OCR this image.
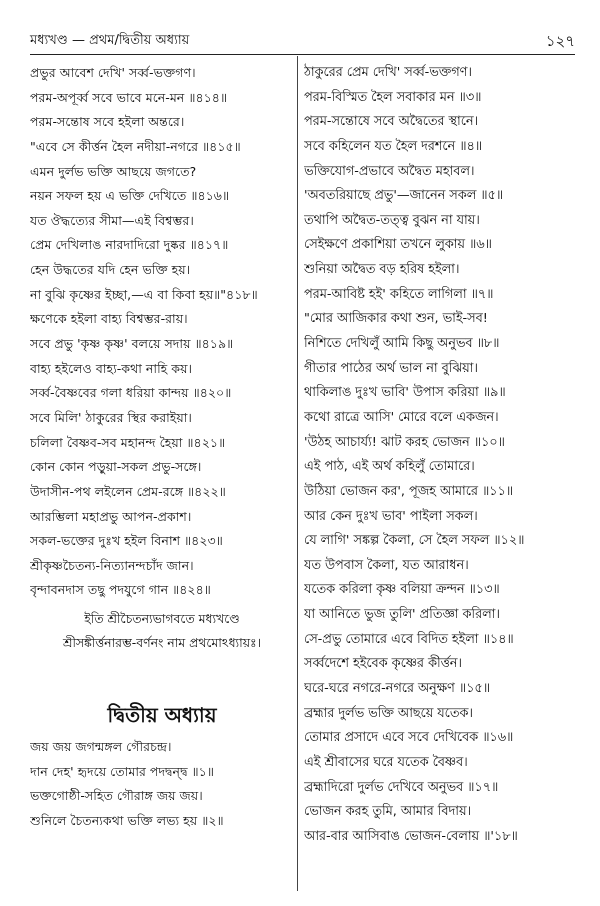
মধ্যখণ্ড — প্রথম/দ্বিতীয় অধ্যায়	১২৭
প্রভুর আবেশ দেখি' সর্ব্ব-ভক্তগণ।
পরম-অপূর্ব্ব সবে ভাবে মনে-মন ॥৪১৪॥
পরম-সন্তোষ সবে হইলা অন্তরে।
"এবে সে কীর্ত্তন হৈল নদীয়া-নগরে ॥৪১৫॥
এমন দুর্লভ ভক্তি আছয়ে জগতে?
নয়ন সফল হয় এ ভক্তি দেখিতে ॥৪১৬॥
যত ঔদ্ধত্যের সীমা—এই বিশ্বম্ভর।
প্রেম দেখিলাঙ নারদাদিরো দুষ্কর ॥৪১৭॥
হেন উদ্ধতের যদি হেন ভক্তি হয়।
না বুঝি কৃষ্ণের ইচ্ছা,—এ বা কিবা হয়॥"৪১৮॥
ক্ষণেকে হইলা বাহ্য বিশ্বম্ভর-রায়।
সবে প্রভু 'কৃষ্ণ কৃষ্ণ' বলয়ে সদায় ॥৪১৯॥
বাহ্য হইলেও বাহ্য-কথা নাহি কয়।
সর্ব্ব-বৈষ্ণবের গলা ধরিয়া কান্দয় ॥৪২০॥
সবে মিলি' ঠাকুরের স্থির করাইয়া।
চলিলা বৈষ্ণব-সব মহানন্দ হৈয়া ॥৪২১॥
কোন কোন পড়ুয়া-সকল প্রভু-সঙ্গে।
উদাসীন-পথ লইলেন প্রেম-রঙ্গে ॥৪২২॥
আরম্ভিলা মহাপ্রভু আপন-প্রকাশ।
সকল-ভক্তের দুঃখ হইল বিনাশ ॥৪২৩॥
শ্রীকৃষ্ণচৈতন্য-নিত্যানন্দচাঁদ জান।
বৃন্দাবনদাস তছু পদযুগে গান ॥৪২৪॥
ইতি শ্রীচৈতন্যভাগবতে মধ্যখণ্ডে
শ্রীসঙ্কীর্ত্তনারম্ভ-বর্ণনং নাম প্রথমোঽধ্যায়ঃ।
দ্বিতীয় অধ্যায়
জয় জয় জগন্মঙ্গল গৌরচন্দ্র।
দান দেহ' হৃদয়ে তোমার পদদ্বন্দ্ব ॥১॥
ভক্তগোষ্ঠী-সহিত গৌরাঙ্গ জয় জয়।
শুনিলে চৈতন্যকথা ভক্তি লভ্য হয় ॥২॥
ঠাকুরের প্রেম দেখি' সর্ব্ব-ভক্তগণ।
পরম-বিস্মিত হৈল সবাকার মন ॥৩॥
পরম-সন্তোষে সবে অদ্বৈতের স্থানে।
সবে কহিলেন যত হৈল দরশনে ॥৪॥
ভক্তিযোগ-প্রভাবে অদ্বৈত মহাবল।
'অবতরিয়াছে প্রভু'—জানেন সকল ॥৫॥
তথাপি অদ্বৈত-তত্ত্ব বুঝন না যায়।
সেইক্ষণে প্রকাশিয়া তখনে লুকায় ॥৬॥
শুনিয়া অদ্বৈত বড় হরিষ হইলা।
পরম-আবিষ্ট হই' কহিতে লাগিলা ॥৭॥
"মোর আজিকার কথা শুন, ভাই-সব!
নিশিতে দেখিলুঁ আমি কিছু অনুভব ॥৮॥
গীতার পাঠের অর্থ ভাল না বুঝিয়া।
থাকিলাঙ দুঃখ ভাবি' উপাস করিয়া ॥৯॥
কথো রাত্রে আসি' মোরে বলে একজন।
'উঠহ আচার্য্য! ঝাট করহ ভোজন ॥১০॥
এই পাঠ, এই অর্থ কহিলুঁ তোমারে।
উঠিয়া ভোজন কর', পূজহ আমারে ॥১১॥
আর কেন দুঃখ ভাব' পাইলা সকল।
যে লাগি' সঙ্কল্প কৈলা, সে হৈল সফল ॥১২॥
যত উপবাস কৈলা, যত আরাধন।
যতেক করিলা কৃষ্ণ বলিয়া ক্রন্দন ॥১৩॥
যা আনিতে ভুজ তুলি' প্রতিজ্ঞা করিলা।
সে-প্রভু তোমারে এবে বিদিত হইলা ॥১৪॥
সর্ব্বদেশে হইবেক কৃষ্ণের কীর্ত্তন।
ঘরে-ঘরে নগরে-নগরে অনুক্ষণ ॥১৫॥
ব্রহ্মার দুর্লভ ভক্তি আছয়ে যতেক।
তোমার প্রসাদে এবে সবে দেখিবেক ॥১৬॥
এই শ্রীবাসের ঘরে যতেক বৈষ্ণব।
ব্রহ্মাদিরো দুর্লভ দেখিবে অনুভব ॥১৭॥
ভোজন করহ তুমি, আমার বিদায়।
আর-বার আসিবাঙ ভোজন-বেলায় ॥'১৮॥
